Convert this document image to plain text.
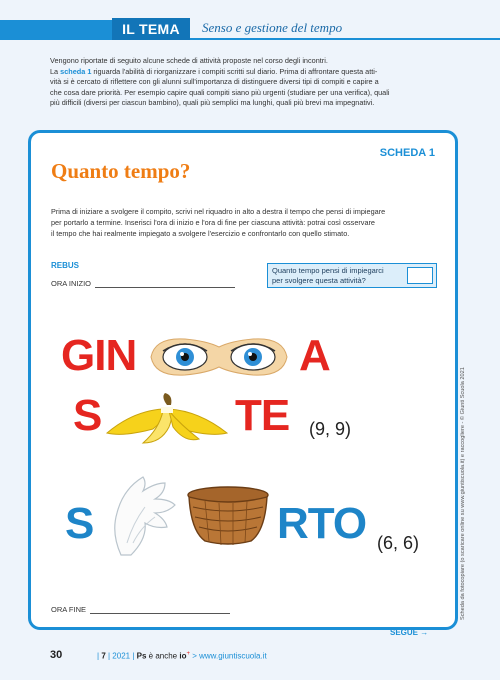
IL TEMA	Senso e gestione del tempo
Vengono riportate di seguito alcune schede di attività proposte nel corso degli incontri.
La scheda 1 riguarda l'abilità di riorganizzare i compiti scritti sul diario. Prima di affrontare questa atti-
vità si è cercato di riflettere con gli alunni sull'importanza di distinguere diversi tipi di compiti e capire a
che cosa dare priorità. Per esempio capire quali compiti siano più urgenti (studiare per una verifica), quali
più difficili (diversi per ciascun bambino), quali più semplici ma lunghi, quali più brevi ma impegnativi.
SCHEDA 1
Quanto tempo?
Prima di iniziare a svolgere il compito, scrivi nel riquadro in alto a destra il tempo che pensi di impiegare
per portarlo a termine. Inserisci l'ora di inizio e l'ora di fine per ciascuna attività: potrai così osservare
il tempo che hai realmente impiegato a svolgere l'esercizio e confrontarlo con quello stimato.
REBUS
ORA INIZIO
Quanto tempo pensi di impiegarci
per svolgere questa attività?
GIN	A
S	TE (9, 9)
S	RTO (6, 6)
ORA FINE
SEGUE →
30	| 7 | 2021 | Ps è anche io+ > www.giuntiscuola.it
Scheda da fotocopiare (o scaricare online su www.giuntiscuola.it) e raccogliere - © Giunti Scuola 2021
